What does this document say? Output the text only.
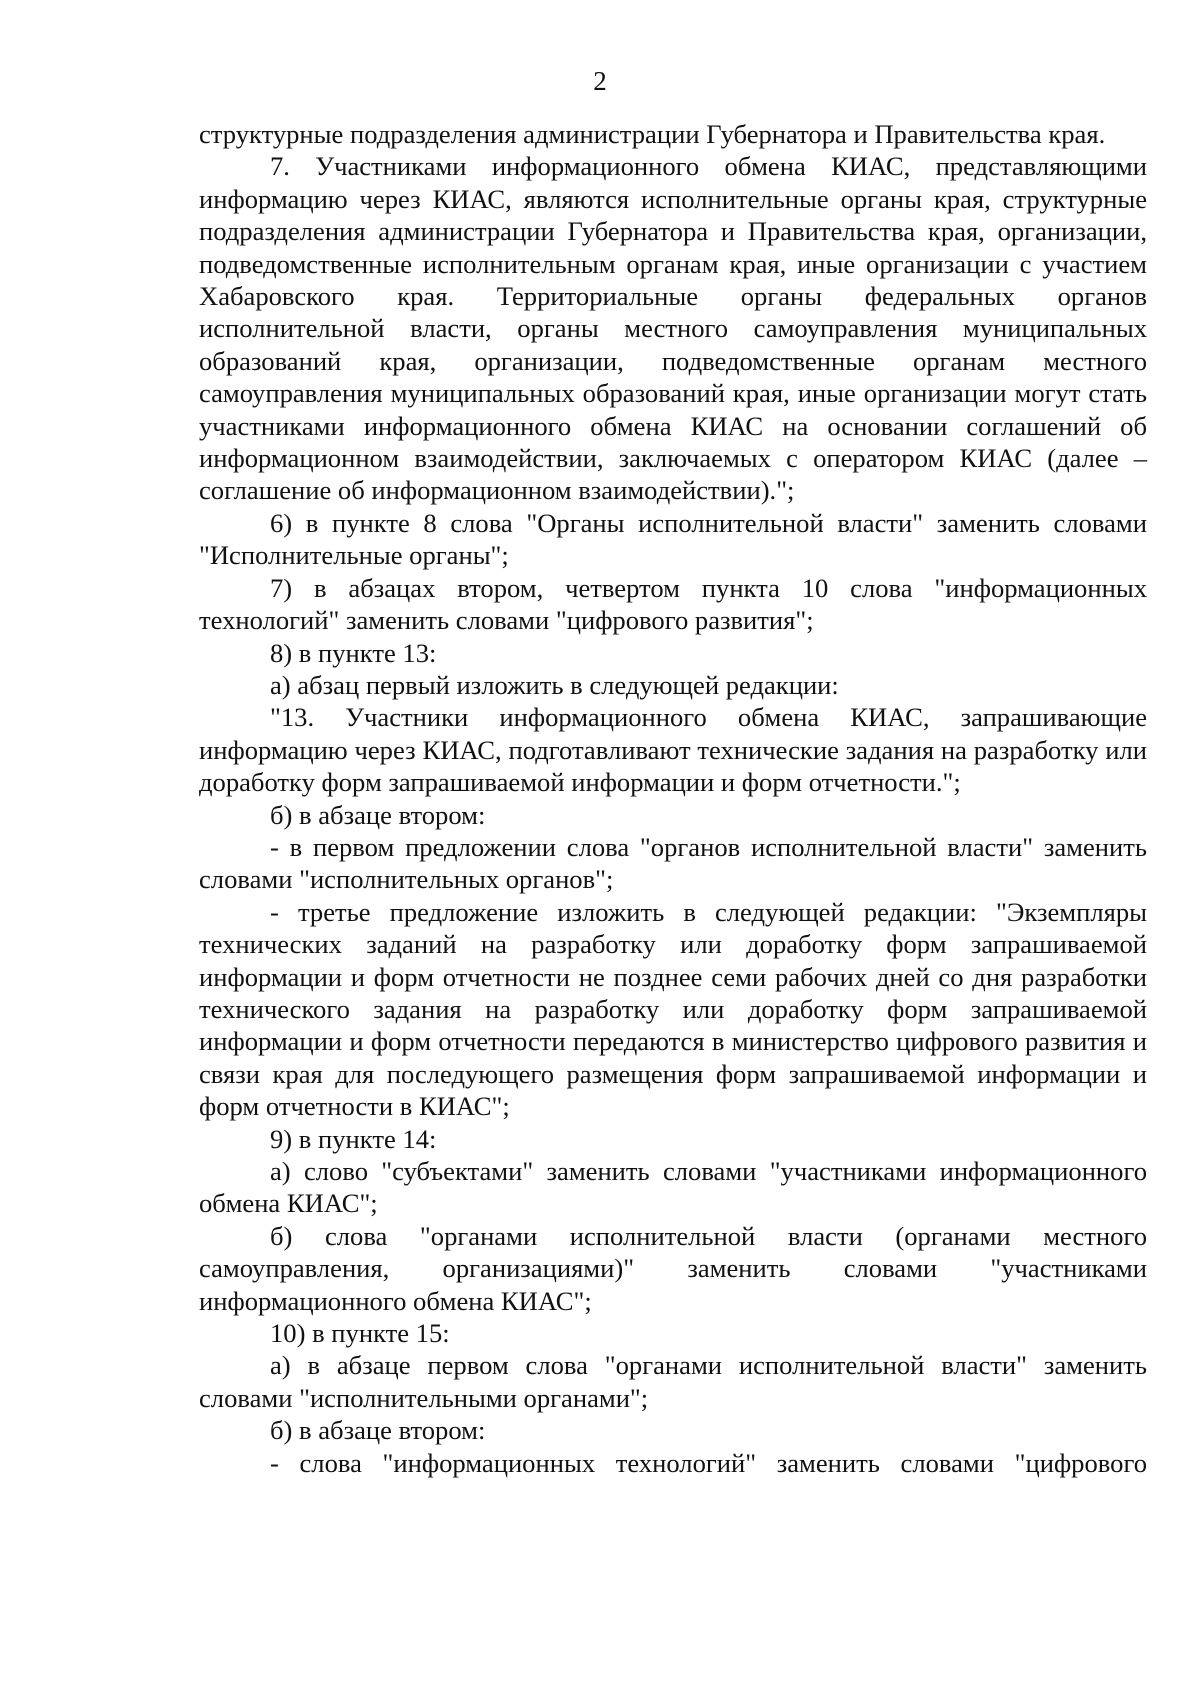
2

структурные подразделения администрации Губернатора и Правительства края.

7. Участниками информационного обмена КИАС, представляющими информацию через КИАС, являются исполнительные органы края, структурные подразделения администрации Губернатора и Правительства края, организации, подведомственные исполнительным органам края, иные организации с участием Хабаровского края. Территориальные органы федеральных органов исполнительной власти, органы местного самоуправления муниципальных образований края, организации, подведомственные органам местного самоуправления муниципальных образований края, иные организации могут стать участниками информационного обмена КИАС на основании соглашений об информационном взаимодействии, заключаемых с оператором КИАС (далее – соглашение об информационном взаимодействии).";

6) в пункте 8 слова "Органы исполнительной власти" заменить словами "Исполнительные органы";

7) в абзацах втором, четвертом пункта 10 слова "информационных технологий" заменить словами "цифрового развития";

8) в пункте 13:

а) абзац первый изложить в следующей редакции:

"13. Участники информационного обмена КИАС, запрашивающие информацию через КИАС, подготавливают технические задания на разработку или доработку форм запрашиваемой информации и форм отчетности.";

б) в абзаце втором:

- в первом предложении слова "органов исполнительной власти" заменить словами "исполнительных органов";

- третье предложение изложить в следующей редакции: "Экземпляры технических заданий на разработку или доработку форм запрашиваемой информации и форм отчетности не позднее семи рабочих дней со дня разработки технического задания на разработку или доработку форм запрашиваемой информации и форм отчетности передаются в министерство цифрового развития и связи края для последующего размещения форм запрашиваемой информации и форм отчетности в КИАС";

9) в пункте 14:

а) слово "субъектами" заменить словами "участниками информационного обмена КИАС";

б) слова "органами исполнительной власти (органами местного самоуправления, организациями)" заменить словами "участниками информационного обмена КИАС";

10) в пункте 15:

а) в абзаце первом слова "органами исполнительной власти" заменить словами "исполнительными органами";

б) в абзаце втором:

- слова "информационных технологий" заменить словами "цифрового
